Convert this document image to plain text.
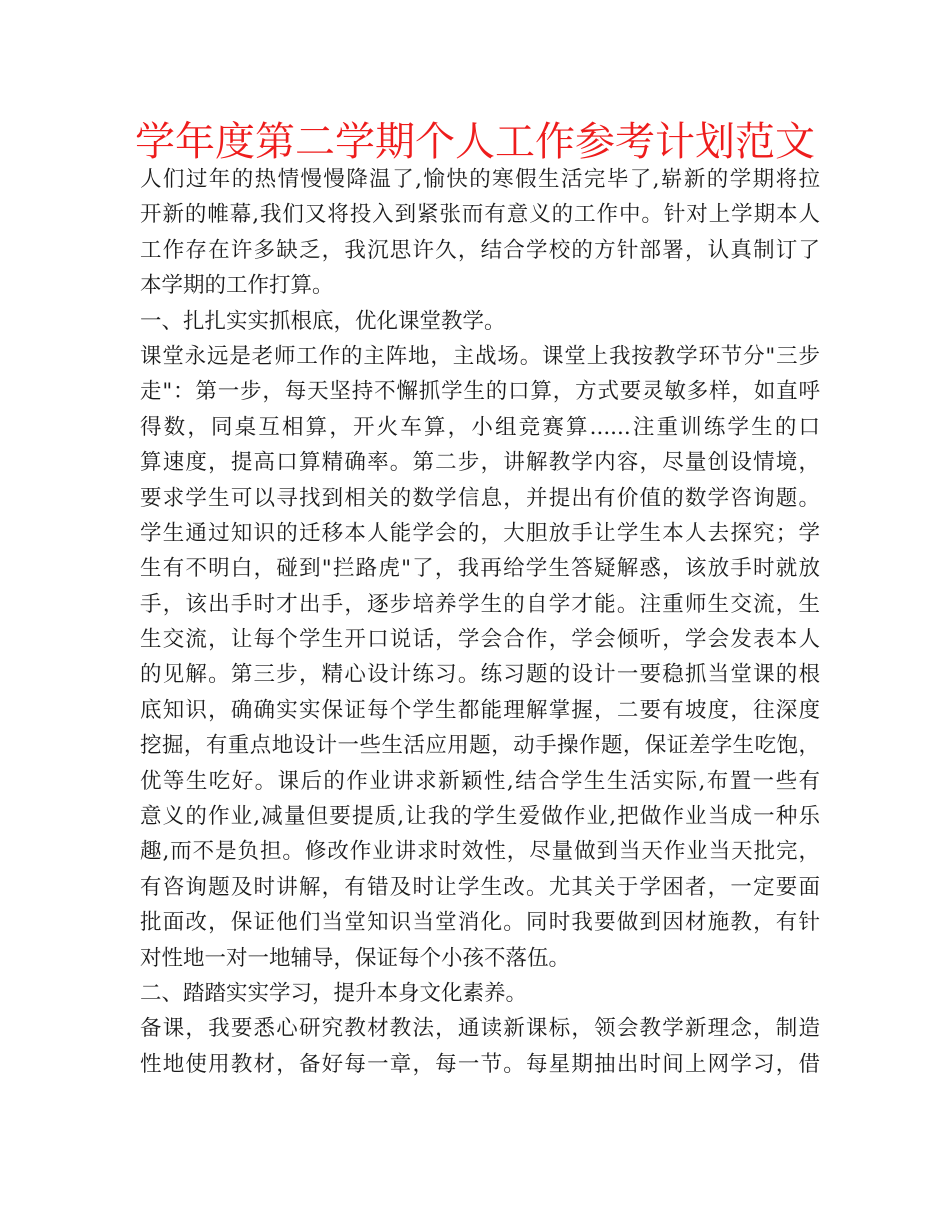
学年度第二学期个人工作参考计划范文
人们过年的热情慢慢降温了,愉快的寒假生活完毕了,崭新的学期将拉
开新的帷幕,我们又将投入到紧张而有意义的工作中。针对上学期本人
工作存在许多缺乏，我沉思许久，结合学校的方针部署，认真制订了
本学期的工作打算。
一、扎扎实实抓根底，优化课堂教学。
课堂永远是老师工作的主阵地，主战场。课堂上我按教学环节分"三步
走"：第一步，每天坚持不懈抓学生的口算，方式要灵敏多样，如直呼
得数，同桌互相算，开火车算，小组竞赛算......注重训练学生的口
算速度，提高口算精确率。第二步，讲解教学内容，尽量创设情境，
要求学生可以寻找到相关的数学信息，并提出有价值的数学咨询题。
学生通过知识的迁移本人能学会的，大胆放手让学生本人去探究；学
生有不明白，碰到"拦路虎"了，我再给学生答疑解惑，该放手时就放
手，该出手时才出手，逐步培养学生的自学才能。注重师生交流，生
生交流，让每个学生开口说话，学会合作，学会倾听，学会发表本人
的见解。第三步，精心设计练习。练习题的设计一要稳抓当堂课的根
底知识，确确实实保证每个学生都能理解掌握，二要有坡度，往深度
挖掘，有重点地设计一些生活应用题，动手操作题，保证差学生吃饱，
优等生吃好。课后的作业讲求新颖性,结合学生生活实际,布置一些有
意义的作业,减量但要提质,让我的学生爱做作业,把做作业当成一种乐
趣,而不是负担。修改作业讲求时效性，尽量做到当天作业当天批完，
有咨询题及时讲解，有错及时让学生改。尤其关于学困者，一定要面
批面改，保证他们当堂知识当堂消化。同时我要做到因材施教，有针
对性地一对一地辅导，保证每个小孩不落伍。
二、踏踏实实学习，提升本身文化素养。
备课，我要悉心研究教材教法，通读新课标，领会教学新理念，制造
性地使用教材，备好每一章，每一节。每星期抽出时间上网学习，借
